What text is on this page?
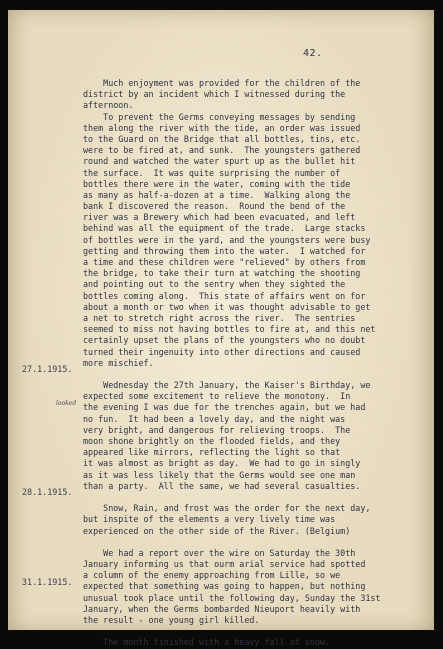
42.
27.1.1915.
28.1.1915.
31.1.1915.
looked
Much enjoyment was provided for the children of the
district by an incident which I witnessed during the
afternoon.
To prevent the Germs conveying messages by sending
them along the river with the tide, an order was issued
to the Guard on the Bridge that all bottles, tins, etc.
were to be fired at, and sunk.  The youngsters gathered
round and watched the water spurt up as the bullet hit
the surface.  It was quite surprising the number of
bottles there were in the water, coming with the tide
as many as half-a-dozen at a time.  Walking along the
bank I discovered the reason.  Round the bend of the
river was a Brewery which had been evacuated, and left
behind was all the equipment of the trade.  Large stacks
of bottles were in the yard, and the youngsters were busy
getting and throwing them into the water.  I watched for
a time and these children were "relieved" by others from
the bridge, to take their turn at watching the shooting
and pointing out to the sentry when they sighted the
bottles coming along.  This state of affairs went on for
about a month or two when it was thought advisable to get
a net to stretch right across the river.  The sentries
seemed to miss not having bottles to fire at, and this net
certainly upset the plans of the youngsters who no doubt
turned their ingenuity into other directions and caused
more mischief.
Wednesday the 27th January, the Kaiser's Birthday, we
expected some excitement to relieve the monotony.  In
the evening I was due for the trenches again, but we had
no fun.  It had been a lovely day, and the night was
very bright, and dangerous for relieving troops.  The
moon shone brightly on the flooded fields, and they
appeared like mirrors, reflecting the light so that
it was almost as bright as day.  We had to go in singly
as it was less likely that the Germs would see one man
than a party.  All the same, we had several casualties.
Snow, Rain, and frost was the order for the next day,
but inspite of the elements a very lively time was
experienced on the other side of the River. (Belgium)
We had a report over the wire on Saturday the 30th
January informing us that ourm arial service had spotted
a column of the enemy approaching from Lille, so we
expected that something was going to happen, but nothing
unusual took place until the following day, Sunday the 31st
January, when the Germs bombarded Nieuport heavily with
the result - one young girl killed.
The month finished with a heavy fall of snow.
